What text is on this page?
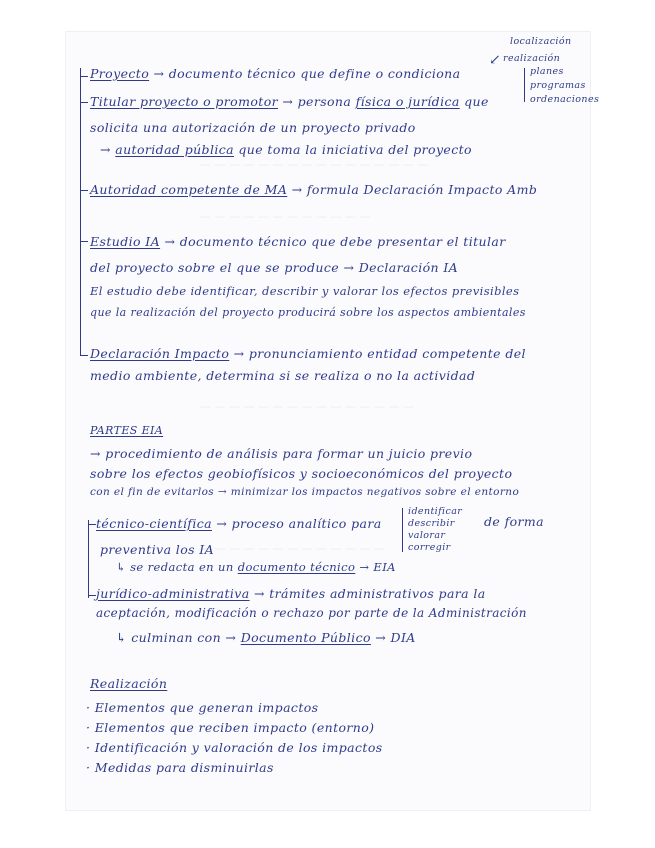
— — — — — — — — — — — — — — — —
— — — — — — — — — — — —
— — — — — — — — — — — — — — —
— — — — — — — — — — — — —
localización
↙ realización
planes
programas
ordenaciones
Proyecto → documento técnico que define o condiciona
Titular proyecto o promotor → persona física o jurídica que
solicita una autorización de un proyecto privado
→ autoridad pública que toma la iniciativa del proyecto
Autoridad competente de MA → formula Declaración Impacto Amb
Estudio IA → documento técnico que debe presentar el titular
del proyecto sobre el que se produce → Declaración IA
El estudio debe identificar, describir y valorar los efectos previsibles
que la realización del proyecto producirá sobre los aspectos ambientales
Declaración Impacto → pronunciamiento entidad competente del
medio ambiente, determina si se realiza o no la actividad
PARTES EIA
→ procedimiento de análisis para formar un juicio previo
sobre los efectos geobiofísicos y socioeconómicos del proyecto
con el fin de evitarlos → minimizar los impactos negativos sobre el entorno
técnico-científica → proceso analítico para
identificar
describir
valorar
corregir
de forma
preventiva los IA
↳ se redacta en un documento técnico → EIA
jurídico-administrativa → trámites administrativos para la
aceptación, modificación o rechazo por parte de la Administración
↳ culminan con → Documento Público → DIA
Realización
· Elementos que generan impactos
· Elementos que reciben impacto (entorno)
· Identificación y valoración de los impactos
· Medidas para disminuirlas
